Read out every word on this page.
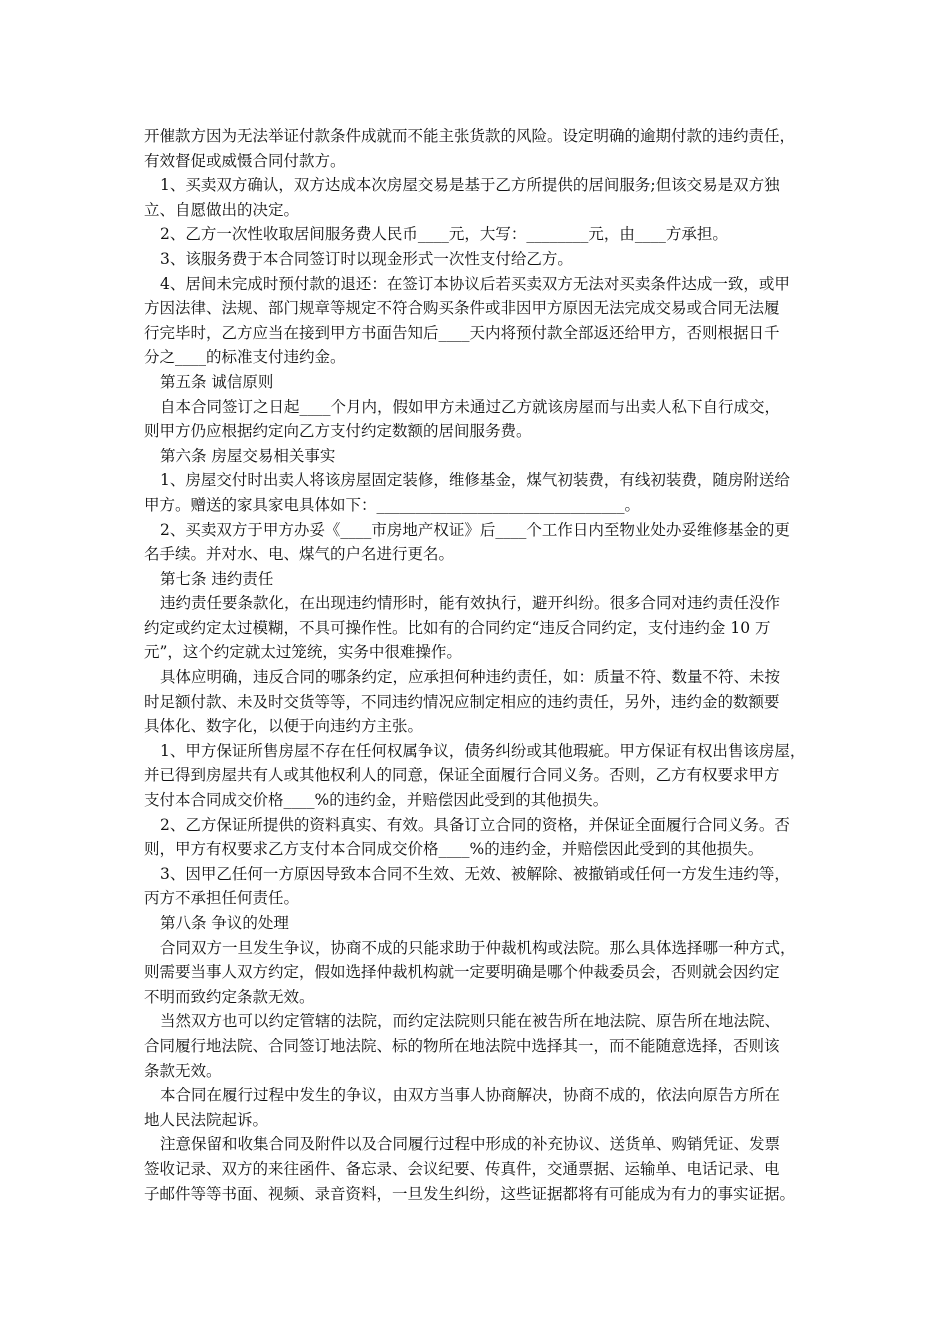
开催款方因为无法举证付款条件成就而不能主张货款的风险。设定明确的逾期付款的违约责任，
有效督促或威慑合同付款方。
1、买卖双方确认，双方达成本次房屋交易是基于乙方所提供的居间服务;但该交易是双方独
立、自愿做出的决定。
2、乙方一次性收取居间服务费人民币____元，大写：________元，由____方承担。
3、该服务费于本合同签订时以现金形式一次性支付给乙方。
4、居间未完成时预付款的退还：在签订本协议后若买卖双方无法对买卖条件达成一致，或甲
方因法律、法规、部门规章等规定不符合购买条件或非因甲方原因无法完成交易或合同无法履
行完毕时，乙方应当在接到甲方书面告知后____天内将预付款全部返还给甲方，否则根据日千
分之____的标准支付违约金。
第五条 诚信原则
自本合同签订之日起____个月内，假如甲方未通过乙方就该房屋而与出卖人私下自行成交，
则甲方仍应根据约定向乙方支付约定数额的居间服务费。
第六条 房屋交易相关事实
1、房屋交付时出卖人将该房屋固定装修，维修基金，煤气初装费，有线初装费，随房附送给
甲方。赠送的家具家电具体如下：________________________________。
2、买卖双方于甲方办妥《____市房地产权证》后____个工作日内至物业处办妥维修基金的更
名手续。并对水、电、煤气的户名进行更名。
第七条 违约责任
违约责任要条款化，在出现违约情形时，能有效执行，避开纠纷。很多合同对违约责任没作
约定或约定太过模糊，不具可操作性。比如有的合同约定“违反合同约定，支付违约金 10 万
元”，这个约定就太过笼统，实务中很难操作。
具体应明确，违反合同的哪条约定，应承担何种违约责任，如：质量不符、数量不符、未按
时足额付款、未及时交货等等，不同违约情况应制定相应的违约责任，另外，违约金的数额要
具体化、数字化，以便于向违约方主张。
1、甲方保证所售房屋不存在任何权属争议，债务纠纷或其他瑕疵。甲方保证有权出售该房屋，
并已得到房屋共有人或其他权利人的同意，保证全面履行合同义务。否则，乙方有权要求甲方
支付本合同成交价格____%的违约金，并赔偿因此受到的其他损失。
2、乙方保证所提供的资料真实、有效。具备订立合同的资格，并保证全面履行合同义务。否
则，甲方有权要求乙方支付本合同成交价格____%的违约金，并赔偿因此受到的其他损失。
3、因甲乙任何一方原因导致本合同不生效、无效、被解除、被撤销或任何一方发生违约等，
丙方不承担任何责任。
第八条 争议的处理
合同双方一旦发生争议，协商不成的只能求助于仲裁机构或法院。那么具体选择哪一种方式，
则需要当事人双方约定，假如选择仲裁机构就一定要明确是哪个仲裁委员会，否则就会因约定
不明而致约定条款无效。
当然双方也可以约定管辖的法院，而约定法院则只能在被告所在地法院、原告所在地法院、
合同履行地法院、合同签订地法院、标的物所在地法院中选择其一，而不能随意选择，否则该
条款无效。
本合同在履行过程中发生的争议，由双方当事人协商解决，协商不成的，依法向原告方所在
地人民法院起诉。
注意保留和收集合同及附件以及合同履行过程中形成的补充协议、送货单、购销凭证、发票
签收记录、双方的来往函件、备忘录、会议纪要、传真件，交通票据、运输单、电话记录、电
子邮件等等书面、视频、录音资料，一旦发生纠纷，这些证据都将有可能成为有力的事实证据。
